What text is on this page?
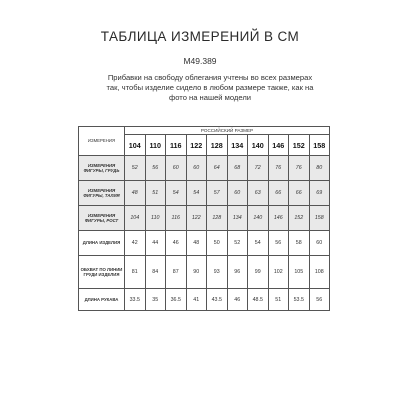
ТАБЛИЦА ИЗМЕРЕНИЙ В СМ
M49.389
Прибавки на свободу облегания учтены во всех размерах так, чтобы изделие сидело в любом размере также, как на фото на нашей модели
ИЗМЕРЕНИЯ	РОССИЙСКИЙ РАЗМЕР									
	104	110	116	122	128	134	140	146	152	158
ИЗМЕРЕНИЯ ФИГУРЫ, ГРУДЬ	52	56	60	60	64	68	72	76	76	80
ИЗМЕРЕНИЯ ФИГУРЫ, ТАЛИЯ	48	51	54	54	57	60	63	66	66	69
ИЗМЕРЕНИЯ ФИГУРЫ, РОСТ	104	110	116	122	128	134	140	146	152	158
ДЛИНА ИЗДЕЛИЯ	42	44	46	48	50	52	54	56	58	60
ОБХВАТ ПО ЛИНИИ ГРУДИ ИЗДЕЛИЯ	81	84	87	90	93	96	99	102	105	108
ДЛИНА РУКАВА	33.5	35	36.5	41	43.5	46	48.5	51	53.5	56
